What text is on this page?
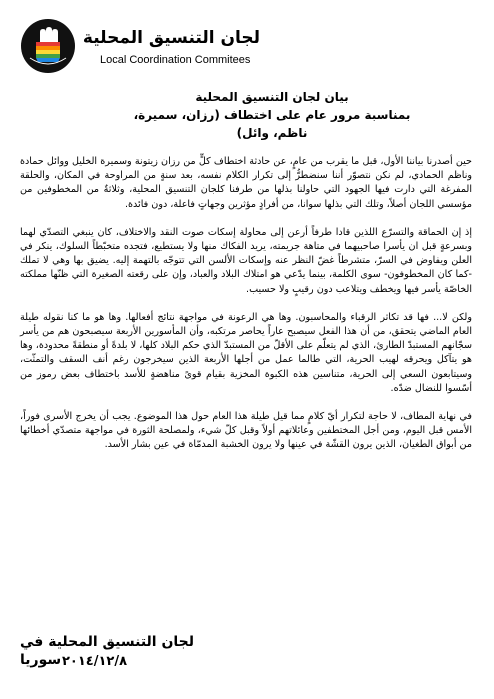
لجان التنسيق المحلية
Local Coordination Commitees
بيان لجان التنسيق المحلية
بمناسبة مرور عام على اختطاف (رزان، سميرة، ناظم، وائل)

حين أصدرنا بياننا الأول، قبل ما يقرب من عامٍ، عن حادثة اختطاف كلٍّ من رزان زيتونة وسميرة الخليل ووائل حمادة وناظم الحمادي، لم نكن نتصوّر أننا سنضطرُّ إلى تكرار الكلام نفسه، بعد سنةٍ من المراوحة في المكان، والحلقة المفرغة التي دارت فيها الجهود التي حاولنا بذلها من طرفنا كلجان التنسيق المحلية، وثلاثةٌ من المخطوفين من مؤسسي اللجان أصلاً، وتلك التي بذلها سوانا، من أفرادٍ مؤثرين وجهاتٍ فاعلة، دون فائدة.

إذ إن الحماقة والتسرّع اللذين قادا طرفاً أرعن إلى محاولة إسكات صوت النقد والاختلاف، كان ينبغي التصدّي لهما وبسرعةٍ قبل ان يأسرا صاحبيهما في متاهة جريمته، يريد الفكاك منها ولا يستطيع، فتجده متخبّطاً السلوك، ينكر في العلن ويفاوض في السرّ، متشرطاً غضّ النظر عنه وإسكات الألسن التي تتوجّه بالتهمة إليه. يضيق بها وهي لا تملك -كما كان المخطوفون- سوى الكلمة، بينما يدّعي هو امتلاك البلاد والعباد، وإن على رقعته الصغيرة التي ظنّها مملكته الخاصّة يأسر فيها ويخطف ويتلاعب دون رقيبٍ ولا حسيب.

ولكن لا... فها قد تكاثر الرقباء والمحاسبون. وها هي الرعونة في مواجهة نتائج أفعالها. وها هو ما كنا نقوله طيلة العام الماضي يتحقق، من أن هذا الفعل سيصبح عاراً يحاصر مرتكبه، وأن المأسورين الأربعة سيصبحون هم من يأسر سجّانهم المستبدّ الطارئ، الذي لم يتعلّم على الأقلّ من المستبدّ الذي حكم البلاد كلها، لا بلدةً أو منطقةً محدودة، وها هو يتآكل ويحرقه لهيب الحرية، التي طالما عمل من أجلها الأربعة الذين سيخرجون رغم أنف السقف والتمثّت، وسيتابعون السعي إلى الحرية، متناسين هذه الكبوة المخزية بقيام قوىً مناهضةٍ للأسد باختطاف بعض رموز من أسّسوا للنضال ضدّه.

في نهاية المطاف، لا حاجة لتكرار أيّ كلامٍ مما قيل طيلة هذا العام حول هذا الموضوع. يجب أن يخرج الأسرى فوراً، الأمس قبل اليوم، ومن أجل المختطفين وعائلاتهم أولاً وقبل كلّ شيء، ولمصلحة الثورة في مواجهة متصدّي أخطائها من أبواق الطغيان، الذين يرون القشّة في عينها ولا يرون الخشبة المدمّاة في عين بشار الأسد.

لجان التنسيق المحلية في سوريا ٢٠١٤/١٢/٨
